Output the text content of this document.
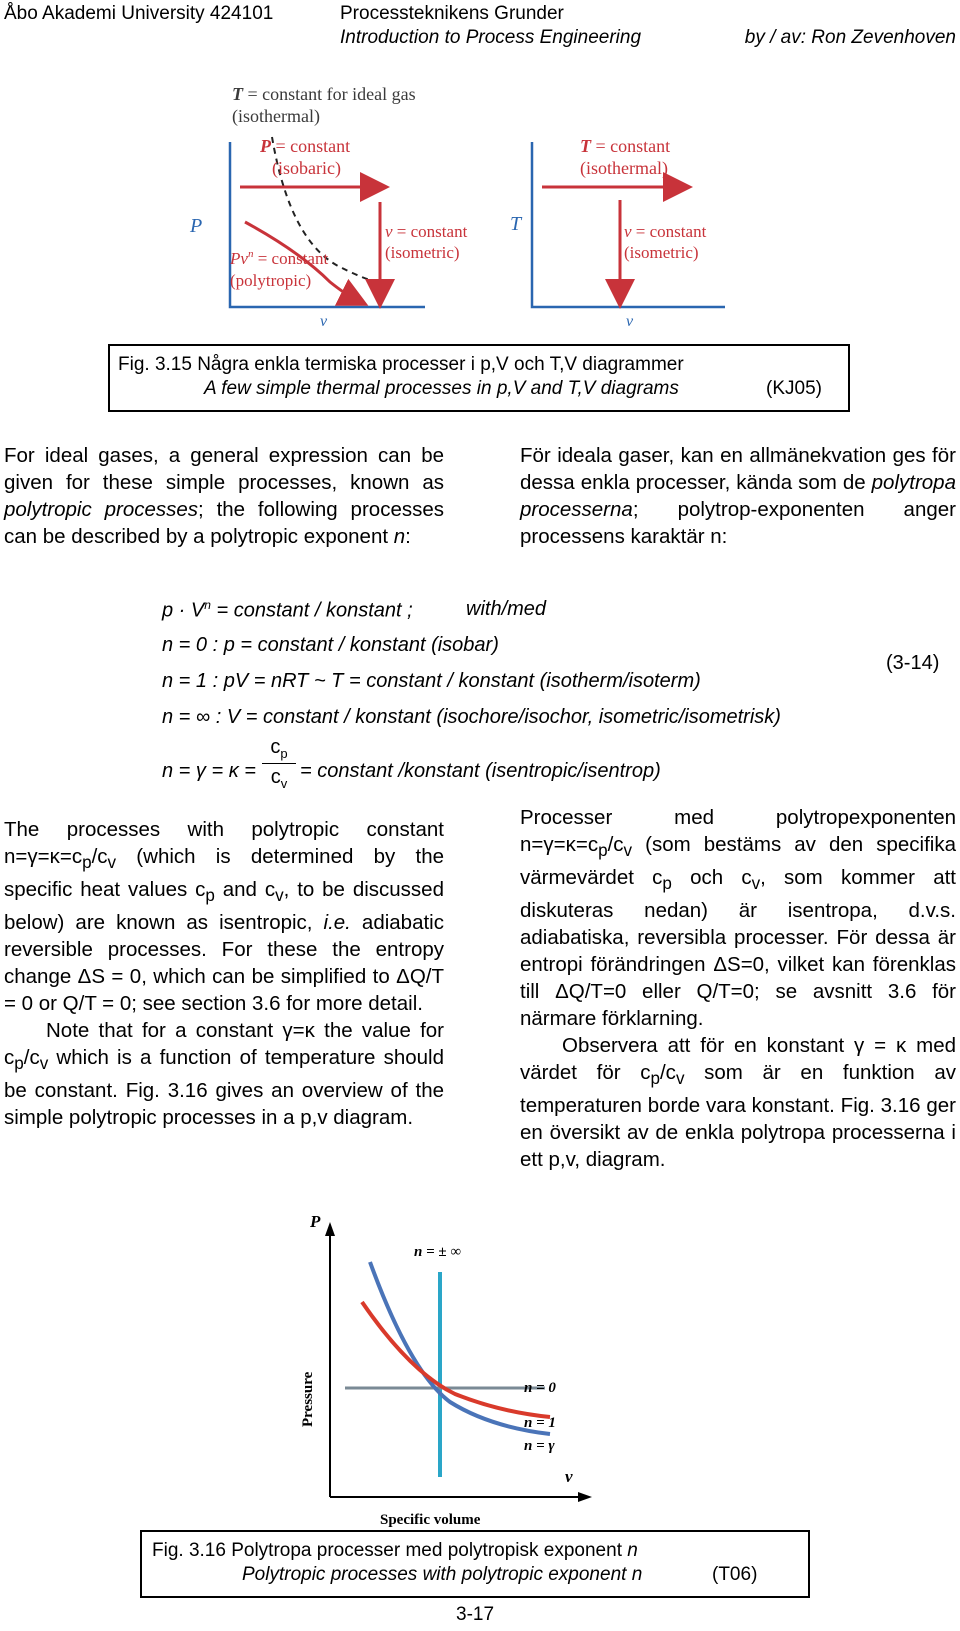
Åbo Akademi University 424101	Processteknikens Grunder
Introduction to Process Engineering	by / av: Ron Zevenhoven
P
v
T = constant for ideal gas
(isothermal)
P = constant
(isobaric)
v = constant
(isometric)
$Pv^n$ = constant
(polytropic)
T
v
T = constant
(isothermal)
v = constant
(isometric)
Fig. 3.15 Några enkla termiska processer i p,V och T,V diagrammer
A few simple thermal processes in p,V and T,V diagrams	(KJ05)
For ideal gases, a general expression can be given for these simple processes, known as polytropic processes; the following processes can be described by a polytropic exponent n:
För ideala gaser, kan en allmänekvation ges för dessa enkla processer, kända som de polytropa processerna; polytrop-exponenten anger processens karaktär n:
$p \cdot V^n$ = constant / konstant ;	with/med
n = 0 : p = constant / konstant (isobar)
n = 1 : pV = nRT ~ T = constant / konstant (isotherm/isoterm)
(3-14)
n = ∞ : V = constant / konstant (isochore/isochor, isometric/isometrisk)
n = γ = κ =
$c_p$
$c_v$
= constant /konstant (isentropic/isentrop)
The processes with polytropic constant $n=\gamma=\kappa=c_p/c_v$ (which is determined by the specific heat values $c_p$ and $c_v$, to be discussed below) are known as isentropic, i.e. adiabatic reversible processes. For these the entropy change ΔS = 0, which can be simplified to ΔQ/T = 0 or Q/T = 0; see section 3.6 for more detail.
Note that for a constant γ=κ the value for $c_p/c_v$ which is a function of temperature should be constant. Fig. 3.16 gives an overview of the simple polytropic processes in a p,v diagram.
Processer med polytropexponenten $n=\gamma=\kappa=c_p/c_v$ (som bestäms av den specifika värmevärdet $c_p$ och $c_v$, som kommer att diskuteras nedan) är isentropa, d.v.s. adiabatiska, reversibla processer. För dessa är entropi förändringen ΔS=0, vilket kan förenklas till ΔQ/T=0 eller Q/T=0; se avsnitt 3.6 för närmare förklarning.
Observera att för en konstant γ = κ med värdet för $c_p/c_v$ som är en funktion av temperaturen borde vara konstant. Fig. 3.16 ger en översikt av de enkla polytropa processerna i ett p,v, diagram.
P
v
Pressure
Specific volume
n = ± ∞
n = 0
n = 1
n = γ
Fig. 3.16 Polytropa processer med polytropisk exponent n
Polytropic processes with polytropic exponent n	(T06)
3-17
